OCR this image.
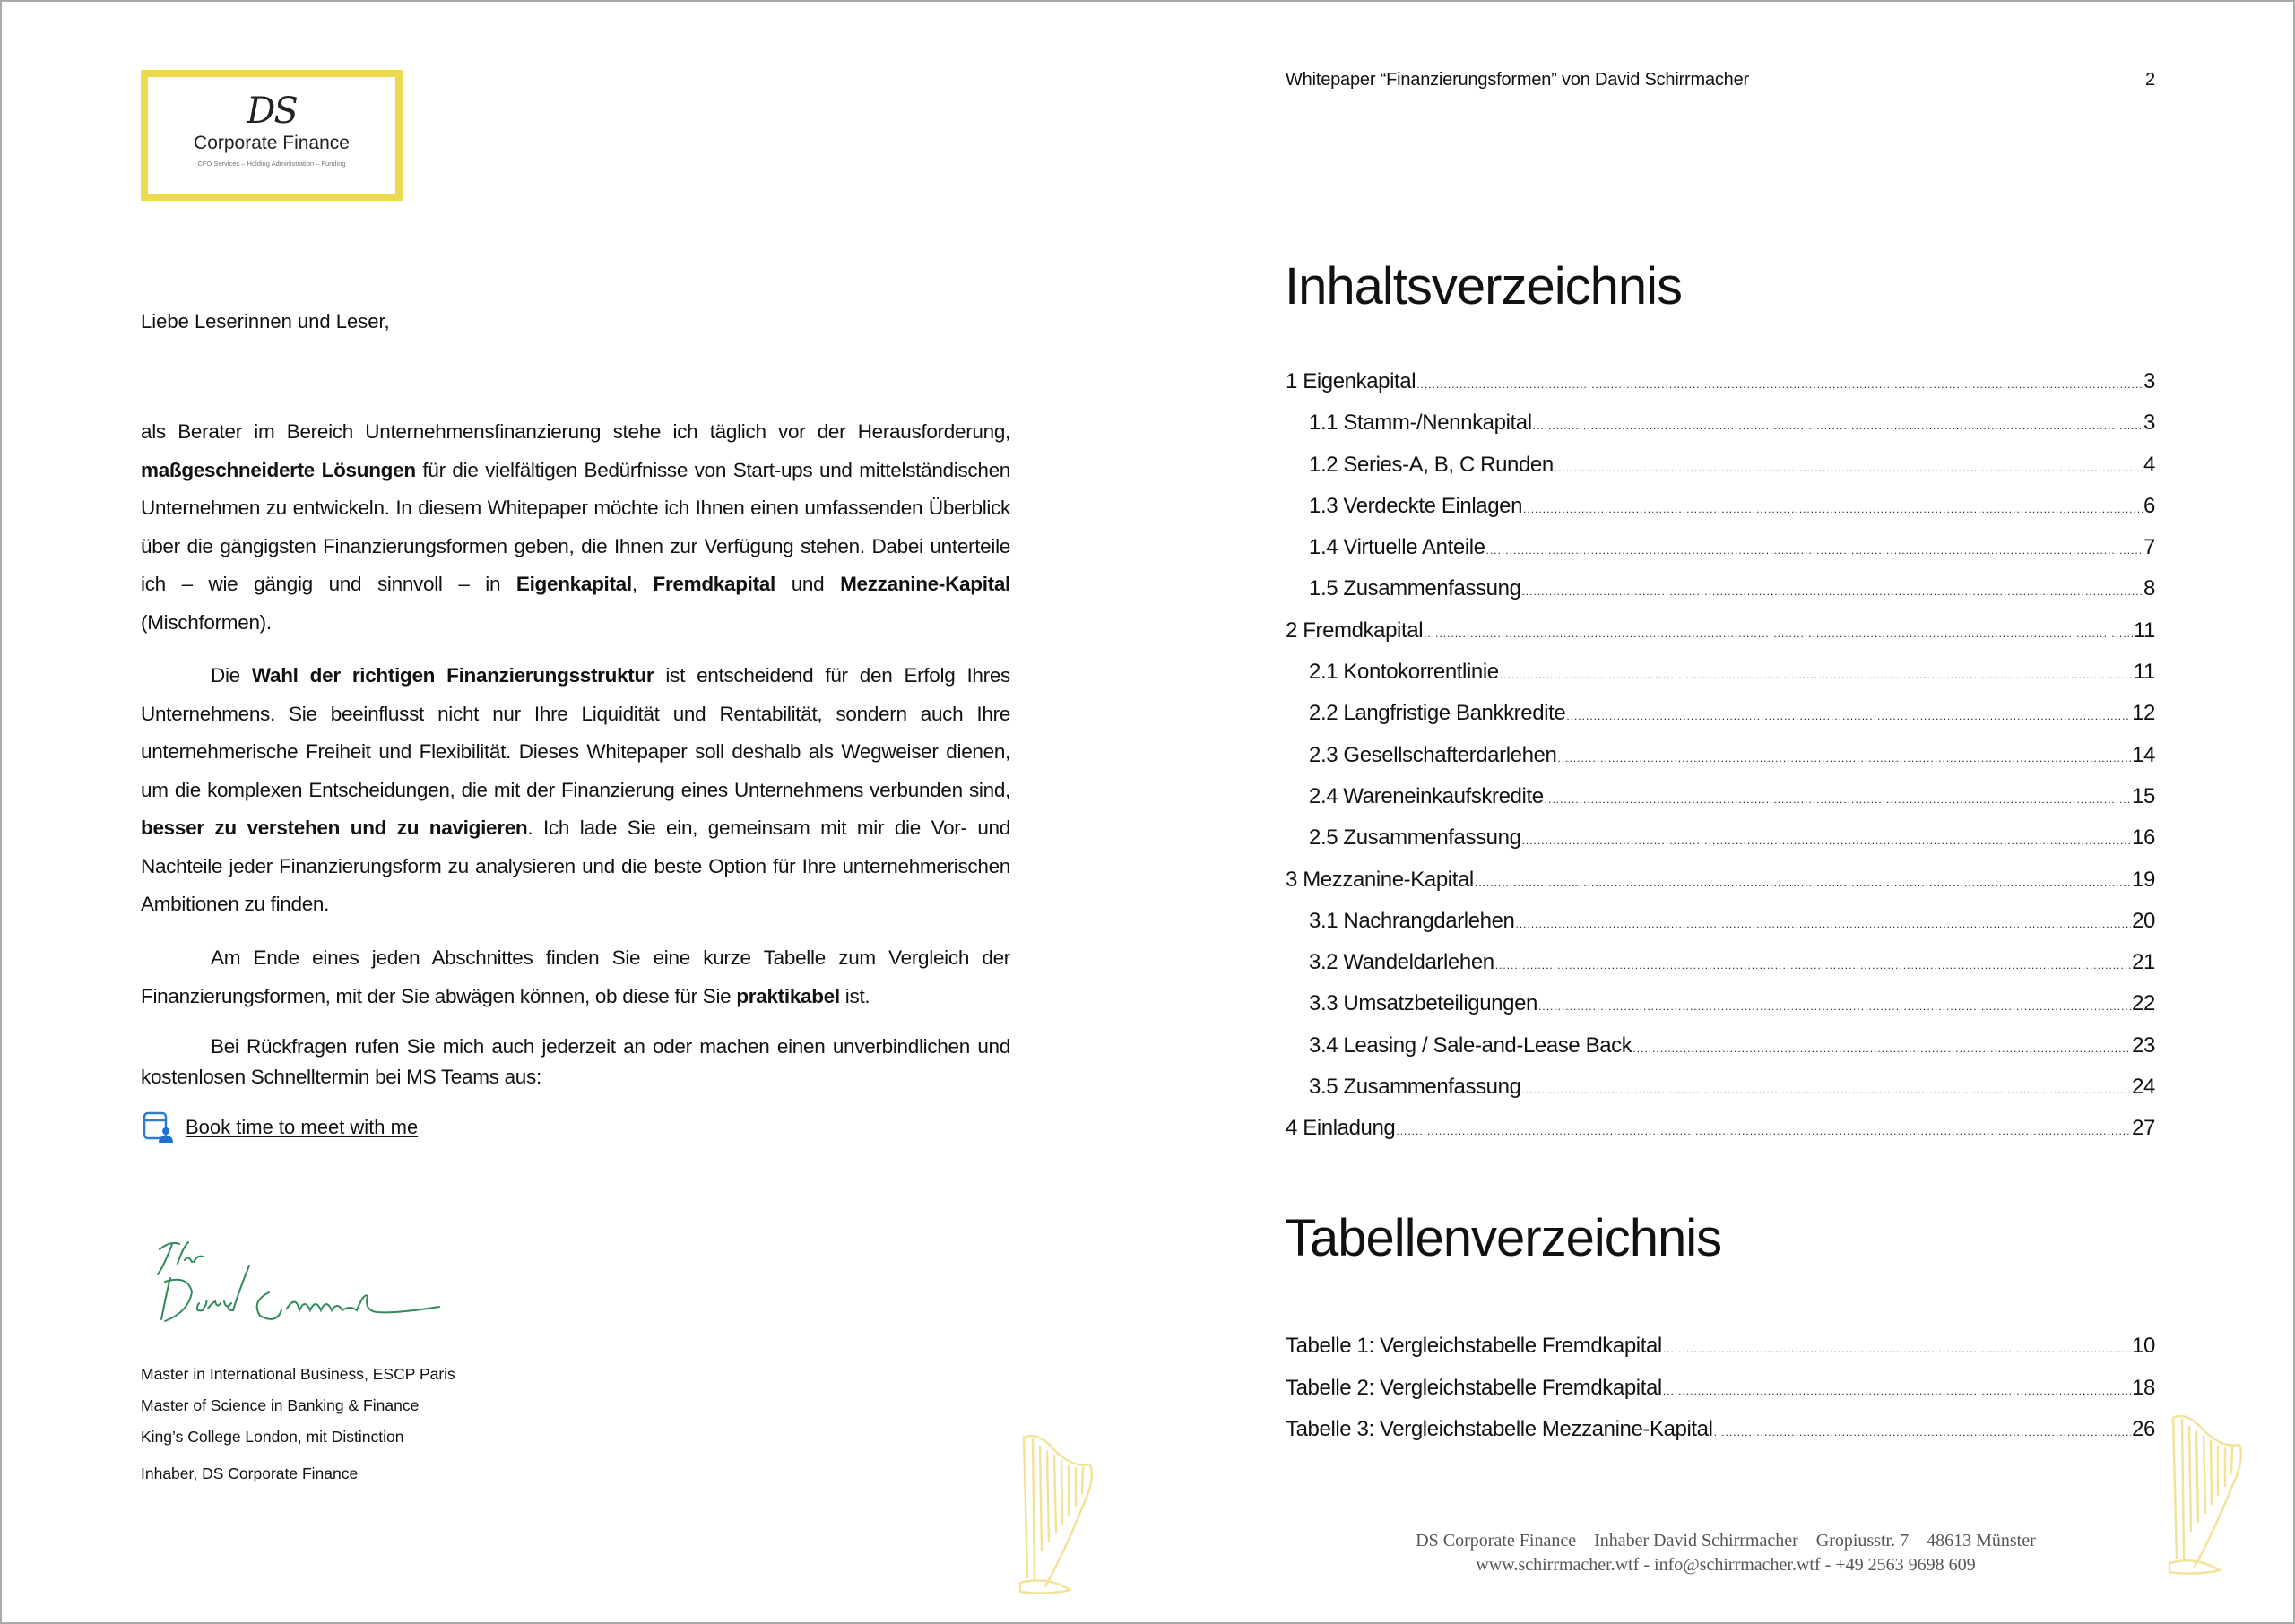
DS
Corporate Finance
CFO Services – Holding Administration – Funding
Liebe Leserinnen und Leser,
als Berater im Bereich Unternehmensfinanzierung stehe ich täglich vor der Herausforderung, maßgeschneiderte Lösungen für die vielfältigen Bedürfnisse von Start-ups und mittelständischen Unternehmen zu entwickeln. In diesem Whitepaper möchte ich Ihnen einen umfassenden Überblick über die gängigsten Finanzierungsformen geben, die Ihnen zur Verfügung stehen. Dabei unterteile ich – wie gängig und sinnvoll – in Eigenkapital, Fremdkapital und Mezzanine-Kapital (Mischformen).
Die Wahl der richtigen Finanzierungsstruktur ist entscheidend für den Erfolg Ihres Unternehmens. Sie beeinflusst nicht nur Ihre Liquidität und Rentabilität, sondern auch Ihre unternehmerische Freiheit und Flexibilität. Dieses Whitepaper soll deshalb als Wegweiser dienen, um die komplexen Entscheidungen, die mit der Finanzierung eines Unternehmens verbunden sind, besser zu verstehen und zu navigieren. Ich lade Sie ein, gemeinsam mit mir die Vor- und Nachteile jeder Finanzierungsform zu analysieren und die beste Option für Ihre unternehmerischen Ambitionen zu finden.
Am Ende eines jeden Abschnittes finden Sie eine kurze Tabelle zum Vergleich der Finanzierungsformen, mit der Sie abwägen können, ob diese für Sie praktikabel ist.
Bei Rückfragen rufen Sie mich auch jederzeit an oder machen einen unverbindlichen und kostenlosen Schnelltermin bei MS Teams aus:
Book time to meet with me
Master in International Business, ESCP Paris
Master of Science in Banking & Finance
King’s College London, mit Distinction
Inhaber, DS Corporate Finance
Whitepaper “Finanzierungsformen” von David Schirrmacher	2
Inhaltsverzeichnis
1 Eigenkapital .....	3
1.1 Stamm-/Nennkapital .....	3
1.2 Series-A, B, C Runden .....	4
1.3 Verdeckte Einlagen .....	6
1.4 Virtuelle Anteile .....	7
1.5 Zusammenfassung .....	8
2 Fremdkapital .....	11
2.1 Kontokorrentlinie .....	11
2.2 Langfristige Bankkredite .....	12
2.3 Gesellschafterdarlehen .....	14
2.4 Wareneinkaufskredite .....	15
2.5 Zusammenfassung .....	16
3 Mezzanine-Kapital .....	19
3.1 Nachrangdarlehen .....	20
3.2 Wandeldarlehen .....	21
3.3 Umsatzbeteiligungen .....	22
3.4 Leasing / Sale-and-Lease Back .....	23
3.5 Zusammenfassung .....	24
4 Einladung .....	27
Tabellenverzeichnis
Tabelle 1: Vergleichstabelle Fremdkapital .....	10
Tabelle 2: Vergleichstabelle Fremdkapital .....	18
Tabelle 3: Vergleichstabelle Mezzanine-Kapital .....	26
DS Corporate Finance – Inhaber David Schirrmacher – Gropiusstr. 7 – 48613 Münster
www.schirrmacher.wtf - info@schirrmacher.wtf - +49 2563 9698 609
